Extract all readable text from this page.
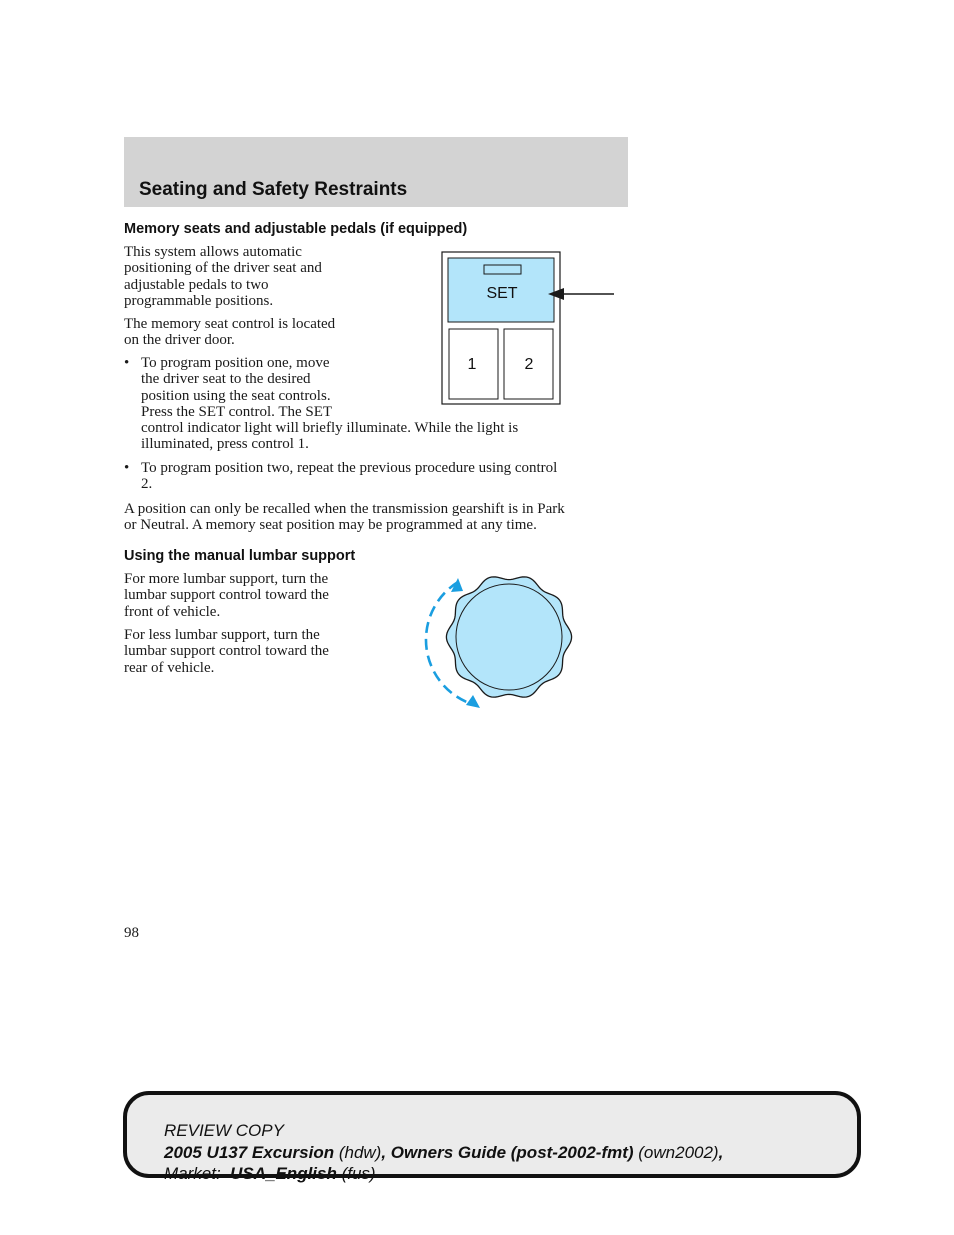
Seating and Safety Restraints
Memory seats and adjustable pedals (if equipped)

This system allows automatic
positioning of the driver seat and
adjustable pedals to two
programmable positions.

The memory seat control is located
on the driver door.

• To program position one, move
the driver seat to the desired
position using the seat controls.
Press the SET control. The SET
control indicator light will briefly illuminate. While the light is
illuminated, press control 1.
• To program position two, repeat the previous procedure using control
2.

A position can only be recalled when the transmission gearshift is in Park
or Neutral. A memory seat position may be programmed at any time.

SET
1	2
Using the manual lumbar support

For more lumbar support, turn the
lumbar support control toward the
front of vehicle.

For less lumbar support, turn the
lumbar support control toward the
rear of vehicle.

98
REVIEW COPY
2005 U137 Excursion (hdw), Owners Guide (post-2002-fmt) (own2002),
Market:  USA_English (fus)
